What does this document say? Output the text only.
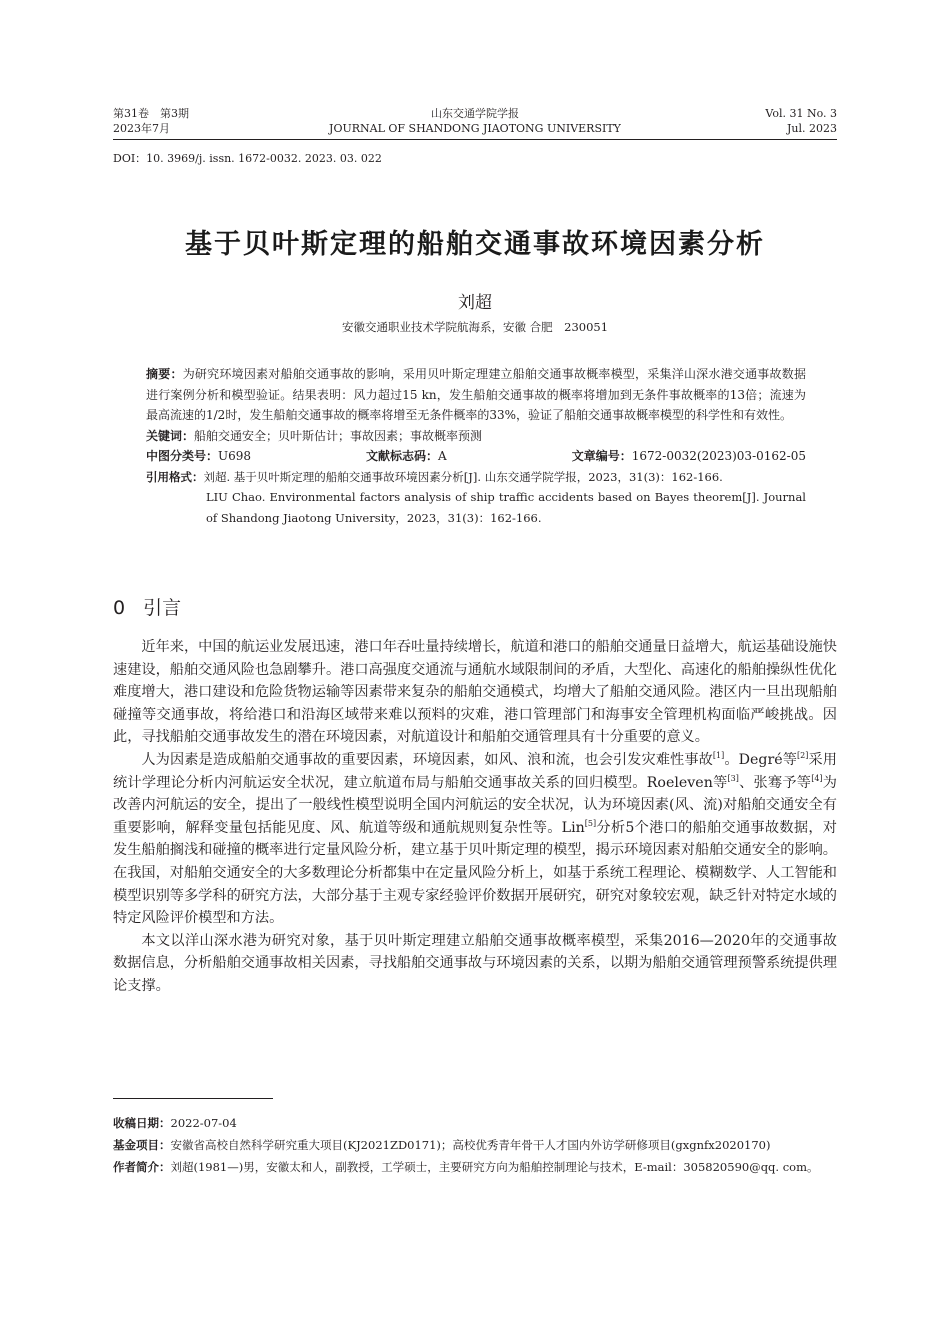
第31卷　第3期
2023年7月
山东交通学院学报
JOURNAL OF SHANDONG JIAOTONG UNIVERSITY
Vol. 31 No. 3
Jul. 2023
DOI：10. 3969/j. issn. 1672-0032. 2023. 03. 022
基于贝叶斯定理的船舶交通事故环境因素分析
刘超
安徽交通职业技术学院航海系，安徽 合肥　230051
摘要：为研究环境因素对船舶交通事故的影响，采用贝叶斯定理建立船舶交通事故概率模型，采集洋山深水港交通事故数据进行案例分析和模型验证。结果表明：风力超过15 kn，发生船舶交通事故的概率将增加到无条件事故概率的13倍；流速为最高流速的1/2时，发生船舶交通事故的概率将增至无条件概率的33%，验证了船舶交通事故概率模型的科学性和有效性。
关键词：船舶交通安全；贝叶斯估计；事故因素；事故概率预测
中图分类号：U698	文献标志码：A	文章编号：1672-0032(2023)03-0162-05
引用格式：刘超. 基于贝叶斯定理的船舶交通事故环境因素分析[J]. 山东交通学院学报，2023，31(3)：162-166.
LIU Chao. Environmental factors analysis of ship traffic accidents based on Bayes theorem[J]. Journal of Shandong Jiaotong University，2023，31(3)：162-166.
0 引言

近年来，中国的航运业发展迅速，港口年吞吐量持续增长，航道和港口的船舶交通量日益增大，航运基础设施快速建设，船舶交通风险也急剧攀升。港口高强度交通流与通航水域限制间的矛盾，大型化、高速化的船舶操纵性优化难度增大，港口建设和危险货物运输等因素带来复杂的船舶交通模式，均增大了船舶交通风险。港区内一旦出现船舶碰撞等交通事故，将给港口和沿海区域带来难以预料的灾难，港口管理部门和海事安全管理机构面临严峻挑战。因此，寻找船舶交通事故发生的潜在环境因素，对航道设计和船舶交通管理具有十分重要的意义。

人为因素是造成船舶交通事故的重要因素，环境因素，如风、浪和流，也会引发灾难性事故[1]。Degré等[2]采用统计学理论分析内河航运安全状况，建立航道布局与船舶交通事故关系的回归模型。Roeleven等[3]、张骞予等[4]为改善内河航运的安全，提出了一般线性模型说明全国内河航运的安全状况，认为环境因素(风、流)对船舶交通安全有重要影响，解释变量包括能见度、风、航道等级和通航规则复杂性等。Lin[5]分析5个港口的船舶交通事故数据，对发生船舶搁浅和碰撞的概率进行定量风险分析，建立基于贝叶斯定理的模型，揭示环境因素对船舶交通安全的影响。在我国，对船舶交通安全的大多数理论分析都集中在定量风险分析上，如基于系统工程理论、模糊数学、人工智能和模型识别等多学科的研究方法，大部分基于主观专家经验评价数据开展研究，研究对象较宏观，缺乏针对特定水域的特定风险评价模型和方法。

本文以洋山深水港为研究对象，基于贝叶斯定理建立船舶交通事故概率模型，采集2016—2020年的交通事故数据信息，分析船舶交通事故相关因素，寻找船舶交通事故与环境因素的关系，以期为船舶交通管理预警系统提供理论支撑。

收稿日期：2022-07-04

基金项目：安徽省高校自然科学研究重大项目(KJ2021ZD0171)；高校优秀青年骨干人才国内外访学研修项目(gxgnfx2020170)

作者简介：刘超(1981—)男，安徽太和人，副教授，工学硕士，主要研究方向为船舶控制理论与技术，E-mail：305820590@qq. com。
